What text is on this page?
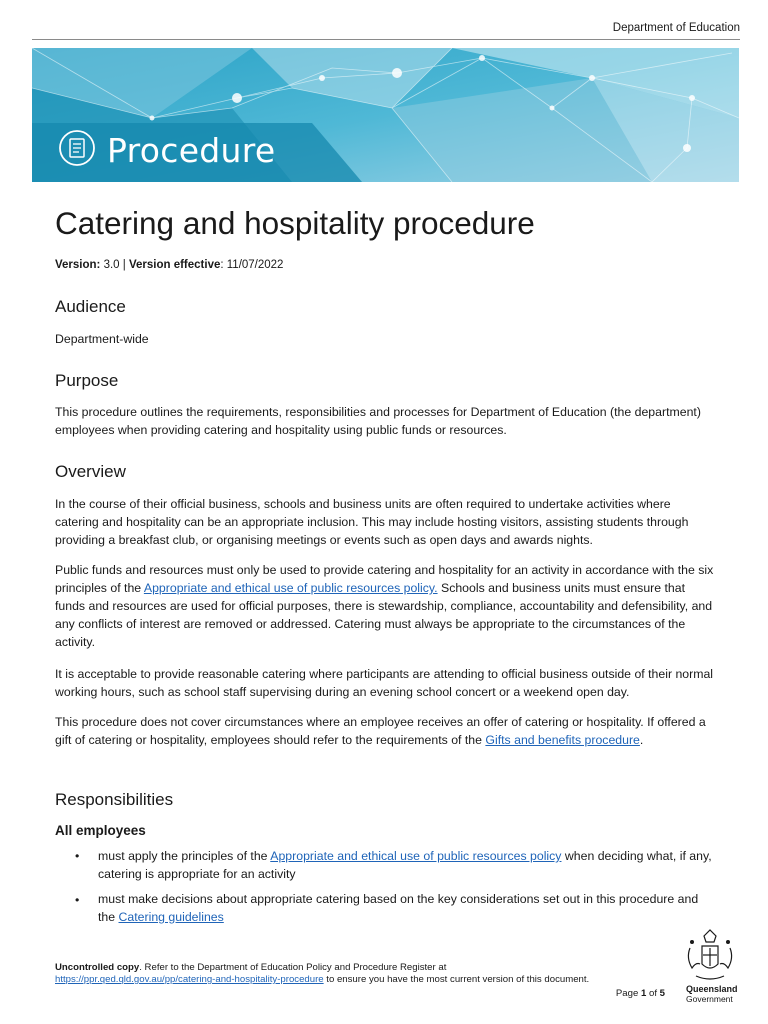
Department of Education
Procedure
Catering and hospitality procedure
Version: 3.0 | Version effective: 11/07/2022
Audience

Department-wide

Purpose

This procedure outlines the requirements, responsibilities and processes for Department of Education (the department) employees when providing catering and hospitality using public funds or resources.

Overview

In the course of their official business, schools and business units are often required to undertake activities where catering and hospitality can be an appropriate inclusion. This may include hosting visitors, assisting students through providing a breakfast club, or organising meetings or events such as open days and awards nights.

Public funds and resources must only be used to provide catering and hospitality for an activity in accordance with the six principles of the Appropriate and ethical use of public resources policy. Schools and business units must ensure that funds and resources are used for official purposes, there is stewardship, compliance, accountability and defensibility, and any conflicts of interest are removed or addressed. Catering must always be appropriate to the circumstances of the activity.

It is acceptable to provide reasonable catering where participants are attending to official business outside of their normal working hours, such as school staff supervising during an evening school concert or a weekend open day.

This procedure does not cover circumstances where an employee receives an offer of catering or hospitality. If offered a gift of catering or hospitality, employees should refer to the requirements of the Gifts and benefits procedure.

Responsibilities
All employees
• must apply the principles of the Appropriate and ethical use of public resources policy when deciding what, if any, catering is appropriate for an activity

• must make decisions about appropriate catering based on the key considerations set out in this procedure and the Catering guidelines

Uncontrolled copy. Refer to the Department of Education Policy and Procedure Register at
https://ppr.qed.qld.gov.au/pp/catering-and-hospitality-procedure to ensure you have the most current version of this document.
Page 1 of 5 Queensland
Government
